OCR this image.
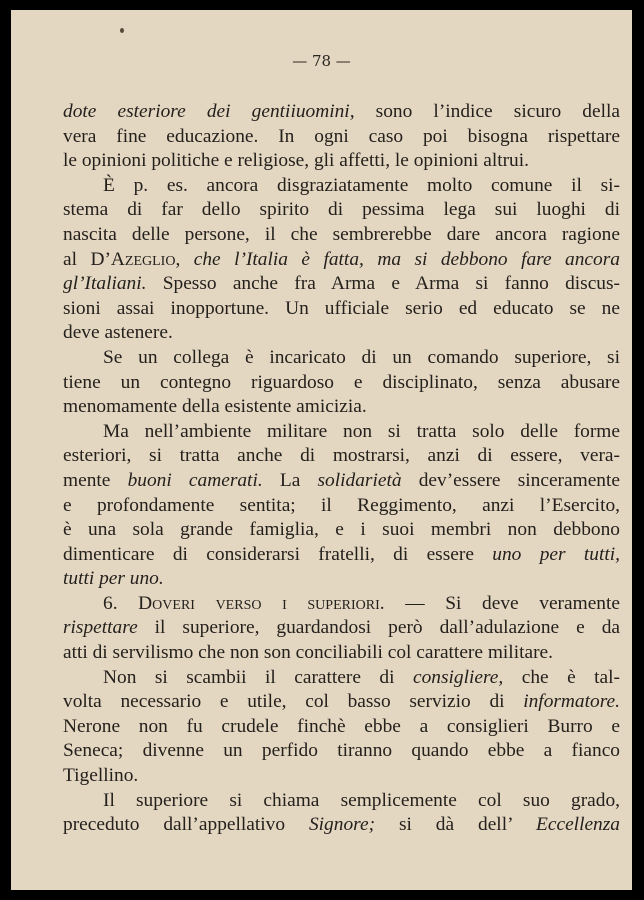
— 78 —
dote esteriore dei gentiiuomini, sono l’indice sicuro della
vera fine educazione. In ogni caso poi bisogna rispettare
le opinioni politiche e religiose, gli affetti, le opinioni altrui.
È p. es. ancora disgraziatamente molto comune il si-
stema di far dello spirito di pessima lega sui luoghi di
nascita delle persone, il che sembrerebbe dare ancora ragione
al D’Azeglio, che l’Italia è fatta, ma si debbono fare ancora
gl’Italiani. Spesso anche fra Arma e Arma si fanno discus-
sioni assai inopportune. Un ufficiale serio ed educato se ne
deve astenere.
Se un collega è incaricato di un comando superiore, si
tiene un contegno riguardoso e disciplinato, senza abusare
menomamente della esistente amicizia.
Ma nell’ambiente militare non si tratta solo delle forme
esteriori, si tratta anche di mostrarsi, anzi di essere, vera-
mente buoni camerati. La solidarietà dev’essere sinceramente
e profondamente sentita; il Reggimento, anzi l’Esercito,
è una sola grande famiglia, e i suoi membri non debbono
dimenticare di considerarsi fratelli, di essere uno per tutti,
tutti per uno.
6. Doveri verso i superiori. — Si deve veramente
rispettare il superiore, guardandosi però dall’adulazione e da
atti di servilismo che non son conciliabili col carattere militare.
Non si scambii il carattere di consigliere, che è tal-
volta necessario e utile, col basso servizio di informatore.
Nerone non fu crudele finchè ebbe a consiglieri Burro e
Seneca; divenne un perfido tiranno quando ebbe a fianco
Tigellino.
Il superiore si chiama semplicemente col suo grado,
preceduto dall’appellativo Signore; si dà dell’ Eccellenza
